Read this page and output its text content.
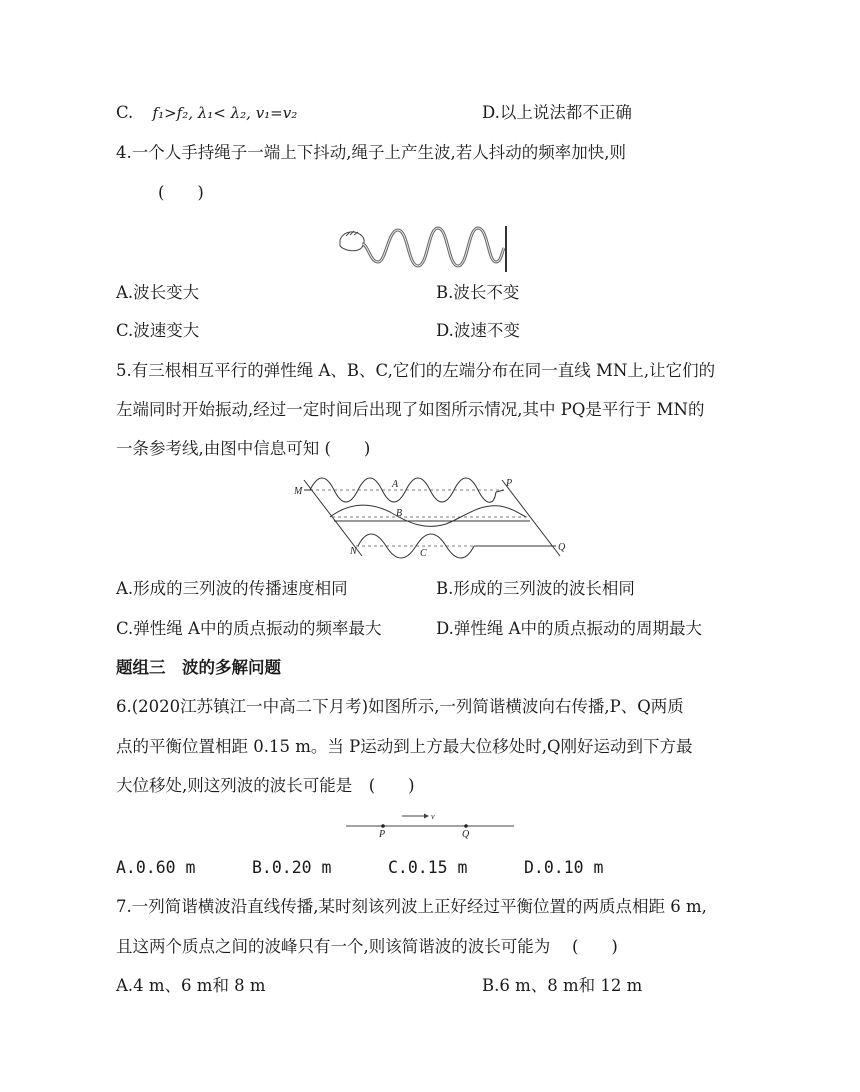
C. f₁>f₂, λ₁< λ₂, v₁=v₂	D.以上说法都不正确
4.一个人手持绳子一端上下抖动,绳子上产生波,若人抖动的频率加快,则
(　　)
A.波长变大	B.波长不变
C.波速变大	D.波速不变
5.有三根相互平行的弹性绳 A、B、C,它们的左端分布在同一直线 MN上,让它们的
左端同时开始振动,经过一定时间后出现了如图所示情况,其中 PQ是平行于 MN的
一条参考线,由图中信息可知 (　　)
M
P
A
B
N	C
Q
A.形成的三列波的传播速度相同	B.形成的三列波的波长相同
C.弹性绳 A中的质点振动的频率最大	D.弹性绳 A中的质点振动的周期最大
题组三　波的多解问题
6.(2020江苏镇江一中高二下月考)如图所示,一列简谐横波向右传播,P、Q两质
点的平衡位置相距 0.15 m。当 P运动到上方最大位移处时,Q刚好运动到下方最
大位移处,则这列波的波长可能是　(　　)
v
P	Q
A.0.60 m	B.0.20 m	C.0.15 m	D.0.10 m
7.一列简谐横波沿直线传播,某时刻该列波上正好经过平衡位置的两质点相距 6 m,
且这两个质点之间的波峰只有一个,则该简谐波的波长可能为　 (　　)
A.4 m、6 m和 8 m	B.6 m、8 m和 12 m
